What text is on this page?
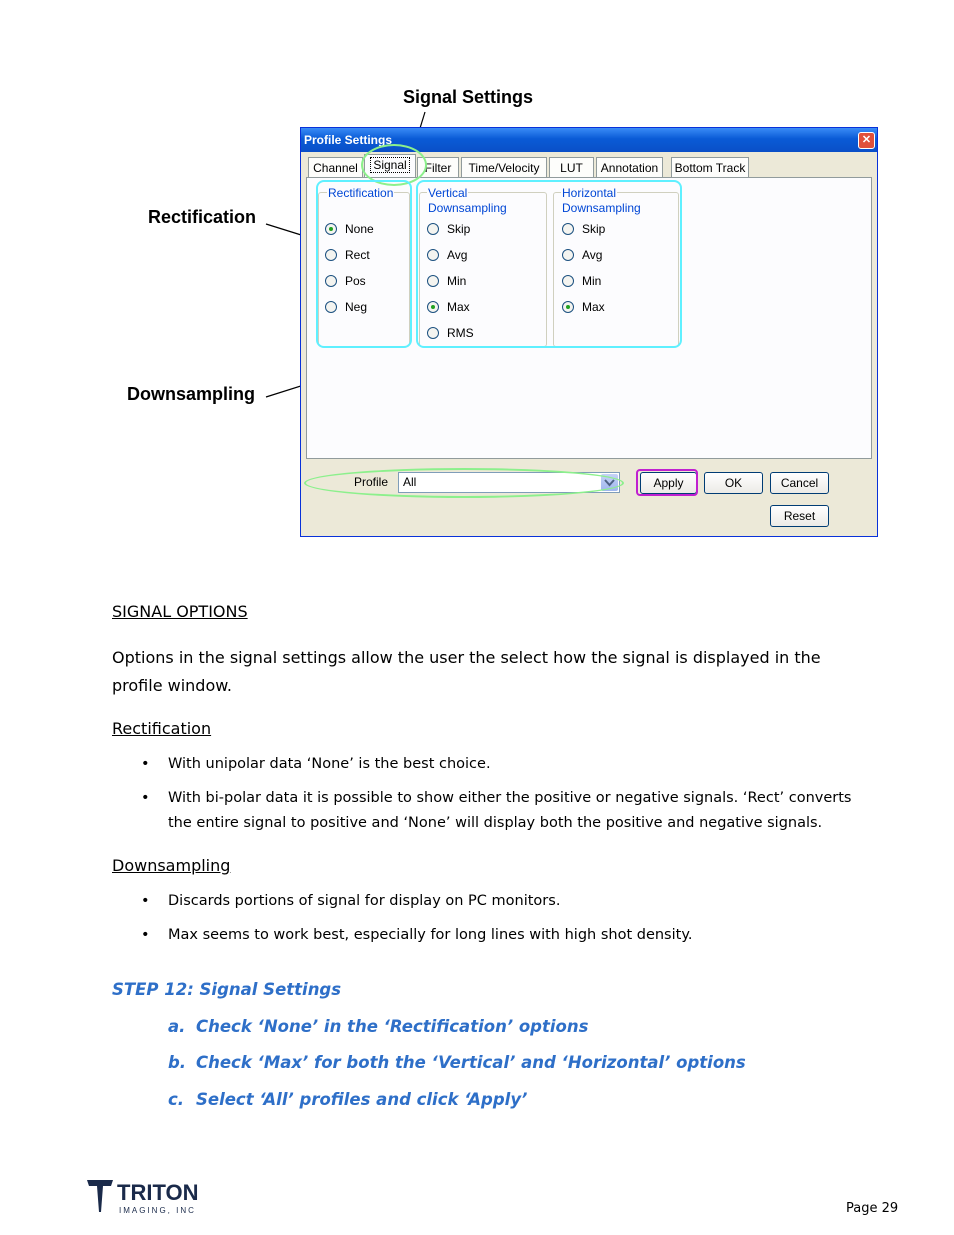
Signal Settings
Rectification
Downsampling
Profile Settings	✕
Channel	Signal	Filter	Time/Velocity	LUT	Annotation	Bottom Track
Rectification
None
Rect
Pos
Neg
Vertical
Downsampling
Skip
Avg
Min
Max
RMS
Horizontal
Downsampling
Skip
Avg
Min
Max
Profile All	Apply	OK	Cancel
Reset
SIGNAL OPTIONS
Options in the signal settings allow the user the select how the signal is displayed in the profile window.
Rectification
• With unipolar data ‘None’ is the best choice.
• With bi-polar data it is possible to show either the positive or negative signals. ‘Rect’ converts the entire signal to positive and ‘None’ will display both the positive and negative signals.
Downsampling
• Discards portions of signal for display on PC monitors.
• Max seems to work best, especially for long lines with high shot density.
STEP 12: Signal Settings
a. Check ‘None’ in the ‘Rectification’ options
b. Check ‘Max’ for both the ‘Vertical’ and ‘Horizontal’ options
c. Select ‘All’ profiles and click ‘Apply’
TRITON
IMAGING, INC	Page 29
